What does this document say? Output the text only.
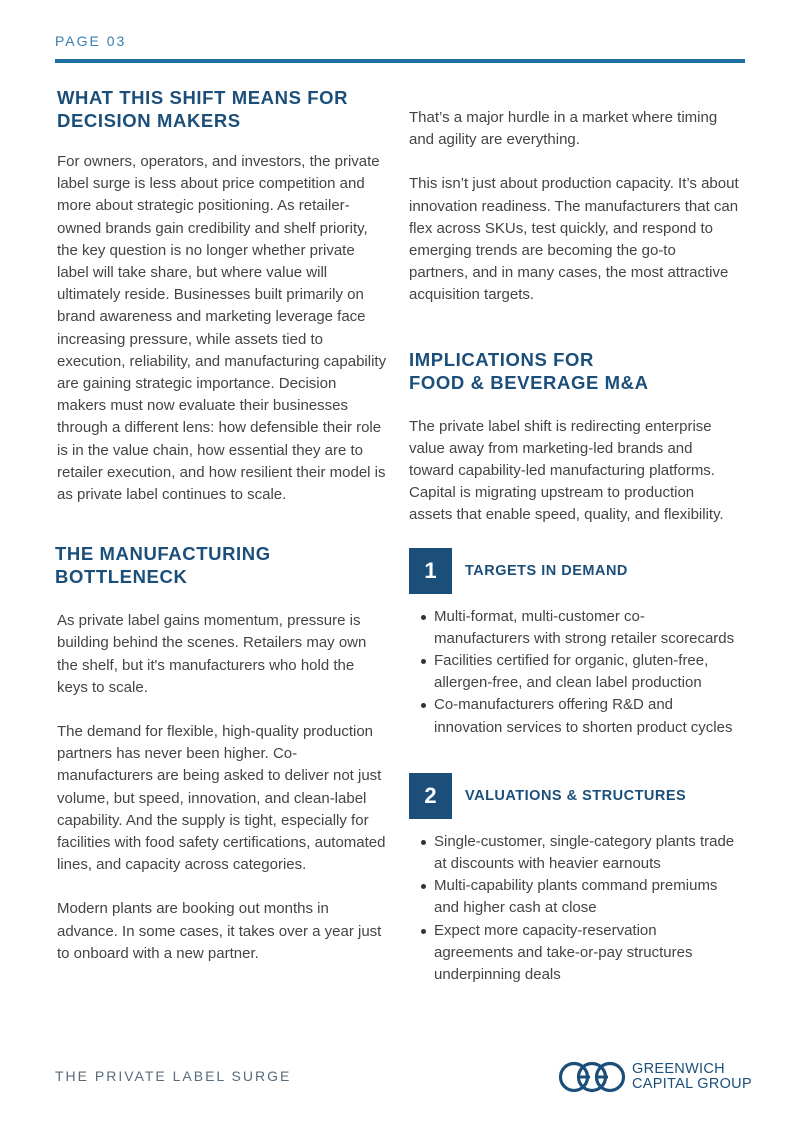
PAGE 03
WHAT THIS SHIFT MEANS FOR
DECISION MAKERS

For owners, operators, and investors, the private label surge is less about price competition and more about strategic positioning. As retailer-owned brands gain credibility and shelf priority, the key question is no longer whether private label will take share, but where value will ultimately reside. Businesses built primarily on brand awareness and marketing leverage face increasing pressure, while assets tied to execution, reliability, and manufacturing capability are gaining strategic importance. Decision makers must now evaluate their businesses through a different lens: how defensible their role is in the value chain, how essential they are to retailer execution, and how resilient their model is as private label continues to scale.

THE MANUFACTURING
BOTTLENECK

As private label gains momentum, pressure is building behind the scenes. Retailers may own the shelf, but it's manufacturers who hold the keys to scale.

The demand for flexible, high-quality production partners has never been higher. Co-manufacturers are being asked to deliver not just volume, but speed, innovation, and clean-label capability. And the supply is tight, especially for facilities with food safety certifications, automated lines, and capacity across categories.

Modern plants are booking out months in advance. In some cases, it takes over a year just to onboard with a new partner.

That’s a major hurdle in a market where timing and agility are everything.

This isn’t just about production capacity. It’s about innovation readiness. The manufacturers that can flex across SKUs, test quickly, and respond to emerging trends are becoming the go-to partners, and in many cases, the most attractive acquisition targets.

IMPLICATIONS FOR
FOOD & BEVERAGE M&A

The private label shift is redirecting enterprise value away from marketing-led brands and toward capability-led manufacturing platforms. Capital is migrating upstream to production assets that enable speed, quality, and flexibility.

1	TARGETS IN DEMAND
Multi-format, multi-customer co-manufacturers with strong retailer scorecards
Facilities certified for organic, gluten-free, allergen-free, and clean label production
Co-manufacturers offering R&D and innovation services to shorten product cycles
2	VALUATIONS & STRUCTURES
Single-customer, single-category plants trade at discounts with heavier earnouts
Multi-capability plants command premiums and higher cash at close
Expect more capacity-reservation agreements and take-or-pay structures underpinning deals
THE PRIVATE LABEL SURGE	GREENWICH
CAPITAL GROUP
